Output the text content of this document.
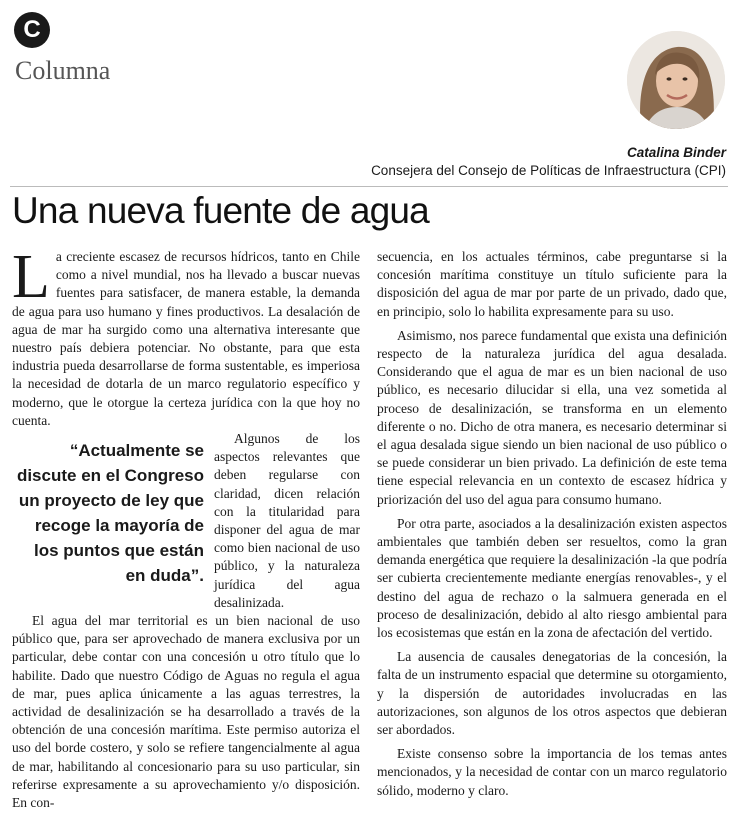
C
Columna
Catalina Binder
Consejera del Consejo de Políticas de Infraestructura (CPI)
Una nueva fuente de agua

La creciente escasez de recursos hídricos, tanto en Chile como a nivel mundial, nos ha llevado a buscar nuevas fuentes para satisfacer, de manera estable, la demanda de agua para uso humano y fines productivos. La desalación de agua de mar ha surgido como una alternativa interesante que nuestro país debiera potenciar. No obstante, para que esta industria pueda desarrollarse de forma sustentable, es imperiosa la necesidad de dotarla de un marco regulatorio específico y moderno, que le otorgue la certeza jurídica con la que hoy no cuenta.

“Actualmente se discute en el Congreso un proyecto de ley que recoge la mayoría de los puntos que están en duda”.

Algunos de los aspectos relevantes que deben regularse con claridad, dicen relación con la titularidad para disponer del agua de mar como bien nacional de uso público, y la naturaleza jurídica del agua desalinizada.

El agua del mar territorial es un bien nacional de uso público que, para ser aprovechado de manera exclusiva por un particular, debe contar con una concesión u otro título que lo habilite. Dado que nuestro Código de Aguas no regula el agua de mar, pues aplica únicamente a las aguas terrestres, la actividad de desalinización se ha desarrollado a través de la obtención de una concesión marítima. Este permiso autoriza el uso del borde costero, y solo se refiere tangencialmente al agua de mar, habilitando al concesionario para su uso particular, sin referirse expresamente a su aprovechamiento y/o disposición. En con-

secuencia, en los actuales términos, cabe preguntarse si la concesión marítima constituye un título suficiente para la disposición del agua de mar por parte de un privado, dado que, en principio, solo lo habilita expresamente para su uso.

Asimismo, nos parece fundamental que exista una definición respecto de la naturaleza jurídica del agua desalada. Considerando que el agua de mar es un bien nacional de uso público, es necesario dilucidar si ella, una vez sometida al proceso de desalinización, se transforma en un elemento diferente o no. Dicho de otra manera, es necesario determinar si el agua desalada sigue siendo un bien nacional de uso público o se puede considerar un bien privado. La definición de este tema tiene especial relevancia en un contexto de escasez hídrica y priorización del uso del agua para consumo humano.

Por otra parte, asociados a la desalinización existen aspectos ambientales que también deben ser resueltos, como la gran demanda energética que requiere la desalinización -la que podría ser cubierta crecientemente mediante energías renovables-, y el destino del agua de rechazo o la salmuera generada en el proceso de desalinización, debido al alto riesgo ambiental para los ecosistemas que están en la zona de afectación del vertido.

La ausencia de causales denegatorias de la concesión, la falta de un instrumento espacial que determine su otorgamiento, y la dispersión de autoridades involucradas en las autorizaciones, son algunos de los otros aspectos que debieran ser abordados.

Existe consenso sobre la importancia de los temas antes mencionados, y la necesidad de contar con un marco regulatorio sólido, moderno y claro.
